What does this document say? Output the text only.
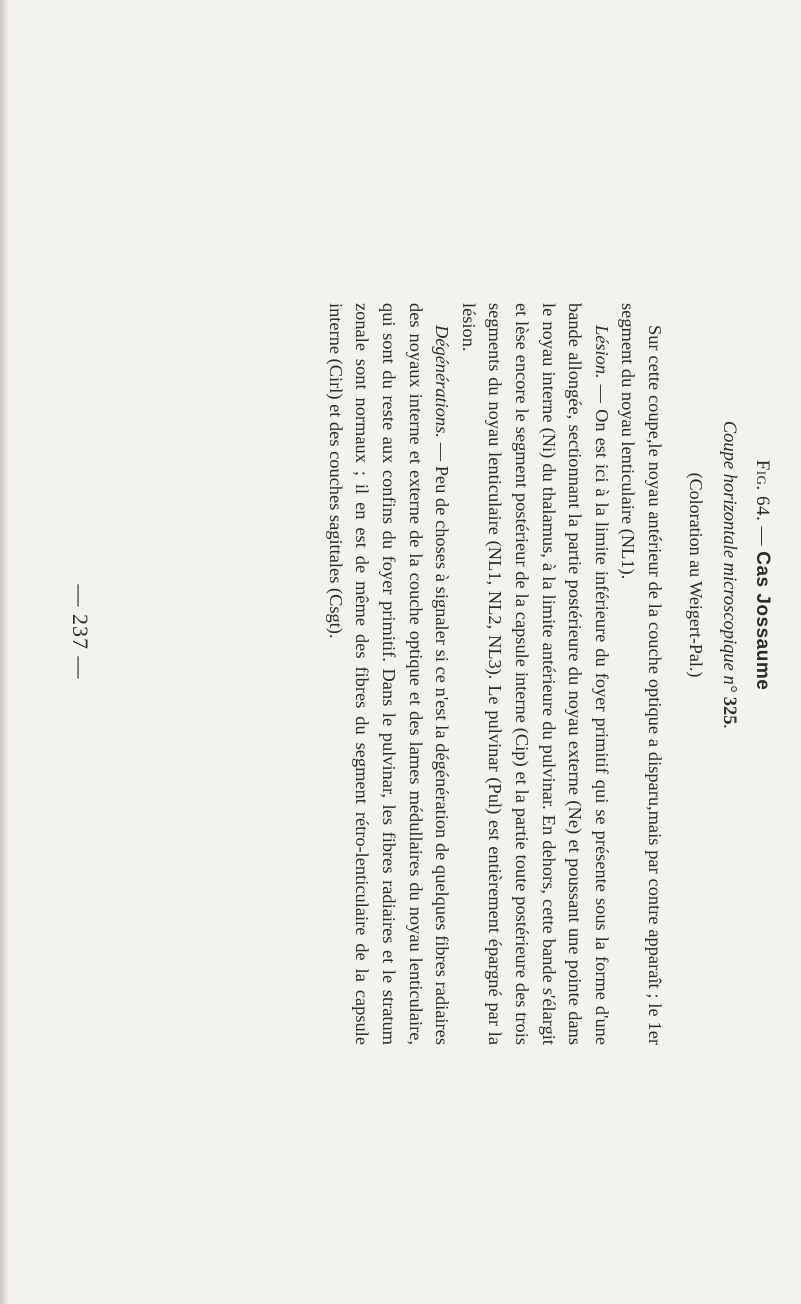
Fig. 64. — Cas Jossaume
Coupe horizontale microscopique n° 325.
(Coloration au Weigert-Pal.)

Sur cette coupe,le noyau antérieur de la couche optique a disparu,mais par contre apparaît ; le 1er segment du noyau lenticulaire (NL1).

Lésion. — On est ici à la limite inférieure du foyer primitif qui se présente sous la forme d'une bande allongée, sectionnant la partie postérieure du noyau externe (Ne) et poussant une pointe dans le noyau interne (Ni) du thalamus, à la limite antérieure du pulvinar. En dehors, cette bande s'élargit et lèse encore le segment postérieur de la capsule interne (Cip) et la partie toute postérieure des trois segments du noyau lenticulaire (NL1, NL2, NL3). Le pulvinar (Pul) est entièrement épargné par la lésion.

Dégénérations. — Peu de choses à signaler si ce n'est la dégénération de quelques fibres radiaires des noyaux interne et externe de la couche optique et des lames médullaires du noyau lenticulaire, qui sont du reste aux confins du foyer primitif. Dans le pulvinar, les fibres radiaires et le stratum zonale sont normaux ; il en est de même des fibres du segment rétro-lenticulaire de la capsule interne (Cirl) et des couches sagittales (Csgt).

— 237 —
